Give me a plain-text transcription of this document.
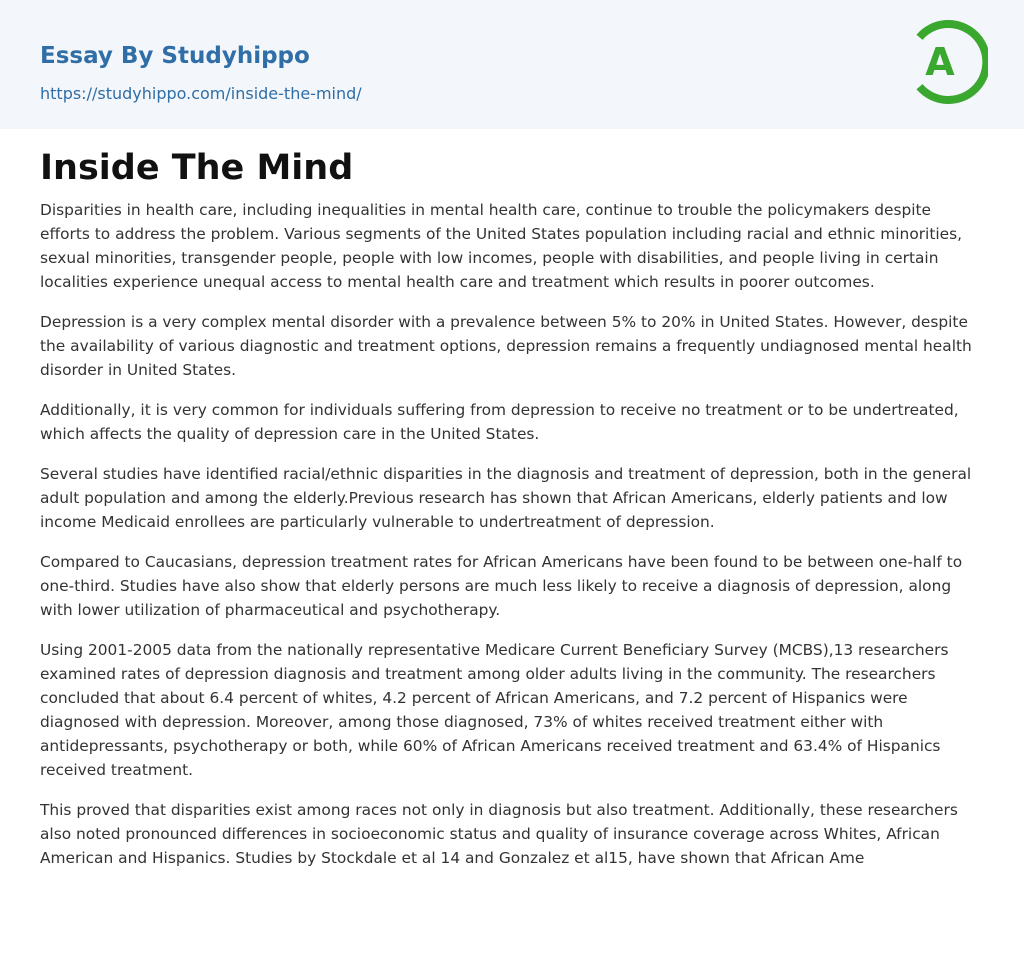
Essay By Studyhippo
https://studyhippo.com/inside-the-mind/
A
Inside The Mind

Disparities in health care, including inequalities in mental health care, continue to trouble the policymakers despite efforts to address the problem. Various segments of the United States population including racial and ethnic minorities, sexual minorities, transgender people, people with low incomes, people with disabilities, and people living in certain localities experience unequal access to mental health care and treatment which results in poorer outcomes.

Depression is a very complex mental disorder with a prevalence between 5% to 20% in United States. However, despite the availability of various diagnostic and treatment options, depression remains a frequently undiagnosed mental health disorder in United States.

Additionally, it is very common for individuals suffering from depression to receive no treatment or to be undertreated, which affects the quality of depression care in the United States.

Several studies have identified racial/ethnic disparities in the diagnosis and treatment of depression, both in the general adult population and among the elderly.Previous research has shown that African Americans, elderly patients and low income Medicaid enrollees are particularly vulnerable to undertreatment of depression.

Compared to Caucasians, depression treatment rates for African Americans have been found to be between one-half to one-third. Studies have also show that elderly persons are much less likely to receive a diagnosis of depression, along with lower utilization of pharmaceutical and psychotherapy.

Using 2001-2005 data from the nationally representative Medicare Current Beneficiary Survey (MCBS),13 researchers examined rates of depression diagnosis and treatment among older adults living in the community. The researchers concluded that about 6.4 percent of whites, 4.2 percent of African Americans, and 7.2 percent of Hispanics were diagnosed with depression. Moreover, among those diagnosed, 73% of whites received treatment either with antidepressants, psychotherapy or both, while 60% of African Americans received treatment and 63.4% of Hispanics received treatment.

This proved that disparities exist among races not only in diagnosis but also treatment. Additionally, these researchers also noted pronounced differences in socioeconomic status and quality of insurance coverage across Whites, African American and Hispanics. Studies by Stockdale et al 14 and Gonzalez et al15, have shown that African Ame
